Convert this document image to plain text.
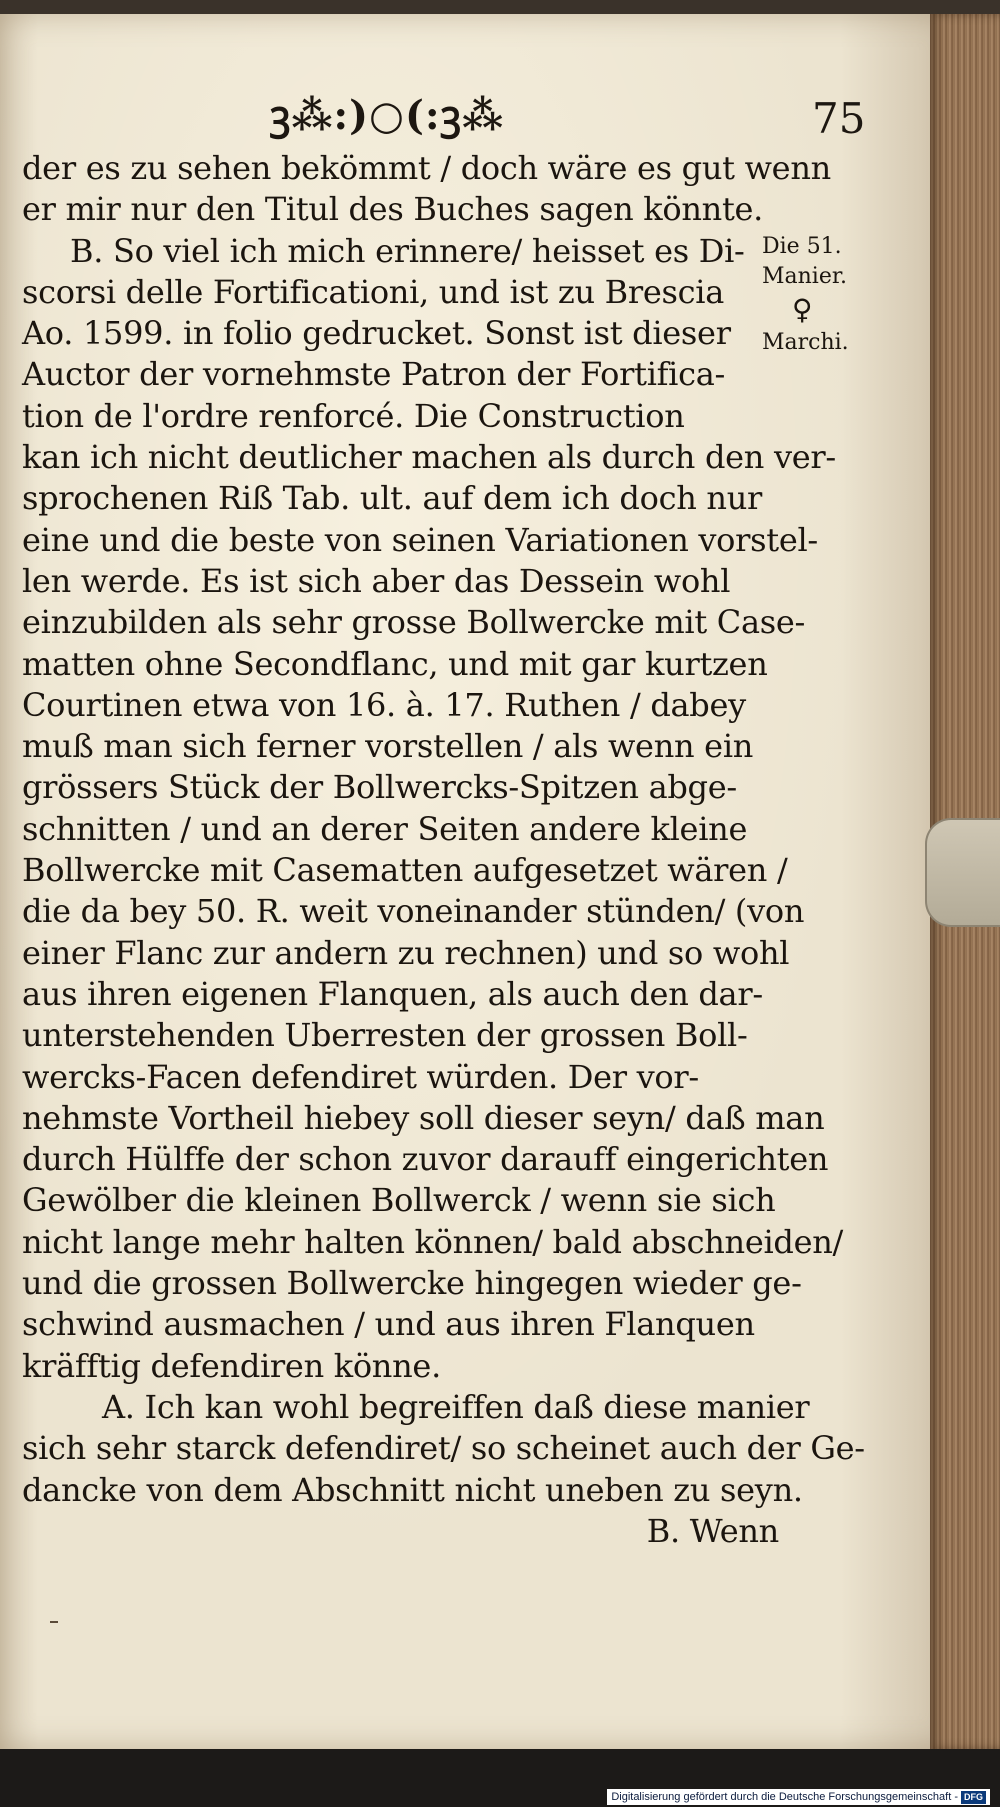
ꝫ⁂:)○(:ꝫ⁂	75
der es zu sehen bekömmt / doch wäre es gut wenn
er mir nur den Titul des Buches sagen könnte.
B. So viel ich mich erinnere/ heisset es Di-
scorsi delle Fortificationi, und ist zu Brescia
Ao. 1599. in folio gedrucket. Sonst ist dieser
Auctor der vornehmste Patron der Fortifica-
tion de l'ordre renforcé. Die Construction
kan ich nicht deutlicher machen als durch den ver-
sprochenen Riß Tab. ult. auf dem ich doch nur
eine und die beste von seinen Variationen vorstel-
len werde. Es ist sich aber das Dessein wohl
einzubilden als sehr grosse Bollwercke mit Case-
matten ohne Secondflanc, und mit gar kurtzen
Courtinen etwa von 16. à. 17. Ruthen / dabey
muß man sich ferner vorstellen / als wenn ein
grössers Stück der Bollwercks-Spitzen abge-
schnitten / und an derer Seiten andere kleine
Bollwercke mit Casematten aufgesetzet wären /
die da bey 50. R. weit voneinander stünden/ (von
einer Flanc zur andern zu rechnen) und so wohl
aus ihren eigenen Flanquen, als auch den dar-
unterstehenden Uberresten der grossen Boll-
wercks-Facen defendiret würden. Der vor-
nehmste Vortheil hiebey soll dieser seyn/ daß man
durch Hülffe der schon zuvor darauff eingerichten
Gewölber die kleinen Bollwerck / wenn sie sich
nicht lange mehr halten können/ bald abschneiden/
und die grossen Bollwercke hingegen wieder ge-
schwind ausmachen / und aus ihren Flanquen
kräfftig defendiren könne.
A. Ich kan wohl begreiffen daß diese manier
sich sehr starck defendiret/ so scheinet auch der Ge-
dancke von dem Abschnitt nicht uneben zu seyn.
B. Wenn
Die 51.
Manier.
♀
Marchi.
Digitalisierung gefördert durch die Deutsche Forschungsgemeinschaft - DFG
